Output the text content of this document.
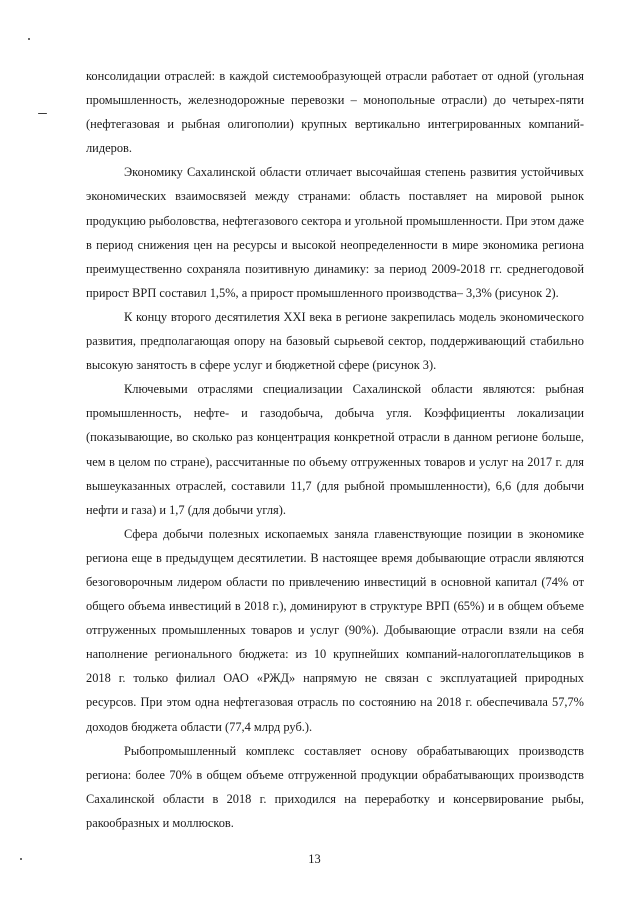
консолидации отраслей: в каждой системообразующей отрасли работает от одной (угольная промышленность, железнодорожные перевозки – монопольные отрасли) до четырех-пяти (нефтегазовая и рыбная олигополии) крупных вертикально интегрированных компаний-лидеров.

Экономику Сахалинской области отличает высочайшая степень развития устойчивых экономических взаимосвязей между странами: область поставляет на мировой рынок продукцию рыболовства, нефтегазового сектора и угольной промышленности. При этом даже в период снижения цен на ресурсы и высокой неопределенности в мире экономика региона преимущественно сохраняла позитивную динамику: за период 2009-2018 гг. среднегодовой прирост ВРП составил 1,5%, а прирост промышленного производства– 3,3% (рисунок 2).

К концу второго десятилетия XXI века в регионе закрепилась модель экономического развития, предполагающая опору на базовый сырьевой сектор, поддерживающий стабильно высокую занятость в сфере услуг и бюджетной сфере (рисунок 3).

Ключевыми отраслями специализации Сахалинской области являются: рыбная промышленность, нефте- и газодобыча, добыча угля. Коэффициенты локализации (показывающие, во сколько раз концентрация конкретной отрасли в данном регионе больше, чем в целом по стране), рассчитанные по объему отгруженных товаров и услуг на 2017 г. для вышеуказанных отраслей, составили 11,7 (для рыбной промышленности), 6,6 (для добычи нефти и газа) и 1,7 (для добычи угля).

Сфера добычи полезных ископаемых заняла главенствующие позиции в экономике региона еще в предыдущем десятилетии. В настоящее время добывающие отрасли являются безоговорочным лидером области по привлечению инвестиций в основной капитал (74% от общего объема инвестиций в 2018 г.), доминируют в структуре ВРП (65%) и в общем объеме отгруженных промышленных товаров и услуг (90%). Добывающие отрасли взяли на себя наполнение регионального бюджета: из 10 крупнейших компаний-налогоплательщиков в 2018 г. только филиал ОАО «РЖД» напрямую не связан с эксплуатацией природных ресурсов. При этом одна нефтегазовая отрасль по состоянию на 2018 г. обеспечивала 57,7% доходов бюджета области (77,4 млрд руб.).

Рыбопромышленный комплекс составляет основу обрабатывающих производств региона: более 70% в общем объеме отгруженной продукции обрабатывающих производств Сахалинской области в 2018 г. приходился на переработку и консервирование рыбы, ракообразных и моллюсков.

13
